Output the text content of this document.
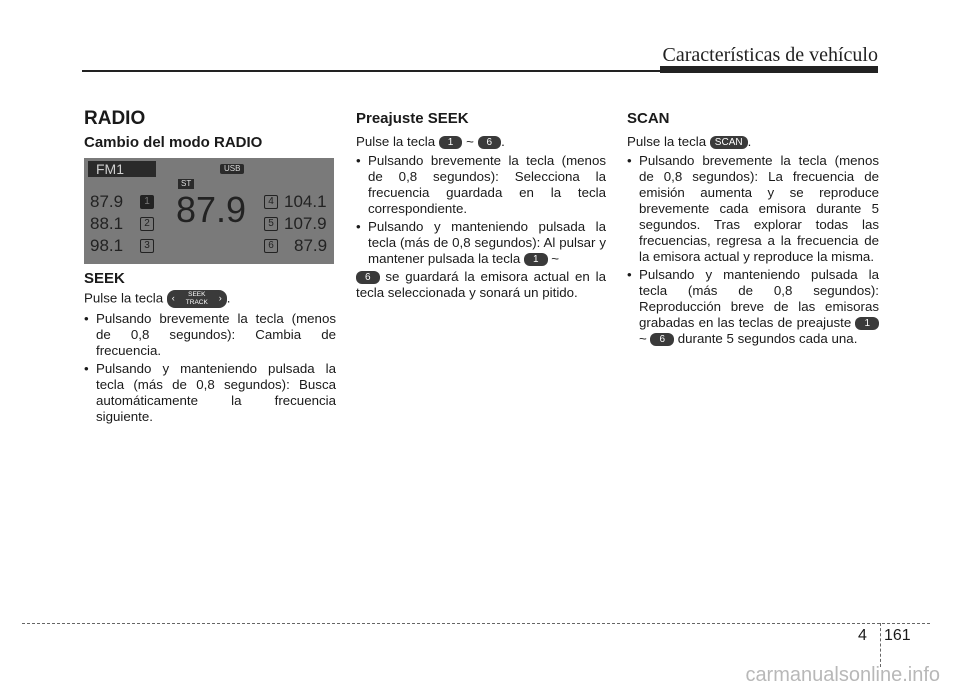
Características de vehículo
RADIO
Cambio del modo RADIO
FM1	USB
ST
87.9
87.9	1
88.1	2
98.1	3
4 104.1
5 107.9
6 87.9
SEEK

Pulse la tecla ‹	SEEK
TRACK	› .

• Pulsando brevemente la tecla (menos de 0,8 segundos): Cambia de frecuencia.
• Pulsando y manteniendo pulsada la tecla (más de 0,8 segundos): Busca automáticamente la frecuencia siguiente.
Preajuste SEEK

Pulse la tecla 1 ~ 6 .

• Pulsando brevemente la tecla (menos de 0,8 segundos): Selecciona la frecuencia guardada en la tecla correspondiente.
• Pulsando y manteniendo pulsada la tecla (más de 0,8 segundos): Al pulsar y mantener pulsada la tecla 1 ~

6 se guardará la emisora actual en la tecla seleccionada y sonará un pitido.

SCAN

Pulse la tecla SCAN .

• Pulsando brevemente la tecla (menos de 0,8 segundos): La frecuencia de emisión aumenta y se reproduce brevemente cada emisora durante 5 segundos. Tras explorar todas las frecuencias, regresa a la frecuencia de la emisora actual y reproduce la misma.
• Pulsando y manteniendo pulsada la tecla (más de 0,8 segundos): Reproducción breve de las emisoras grabadas en las teclas de preajuste 1 ~ 6 durante 5 segundos cada una.
4 161
carmanualsonline.info
